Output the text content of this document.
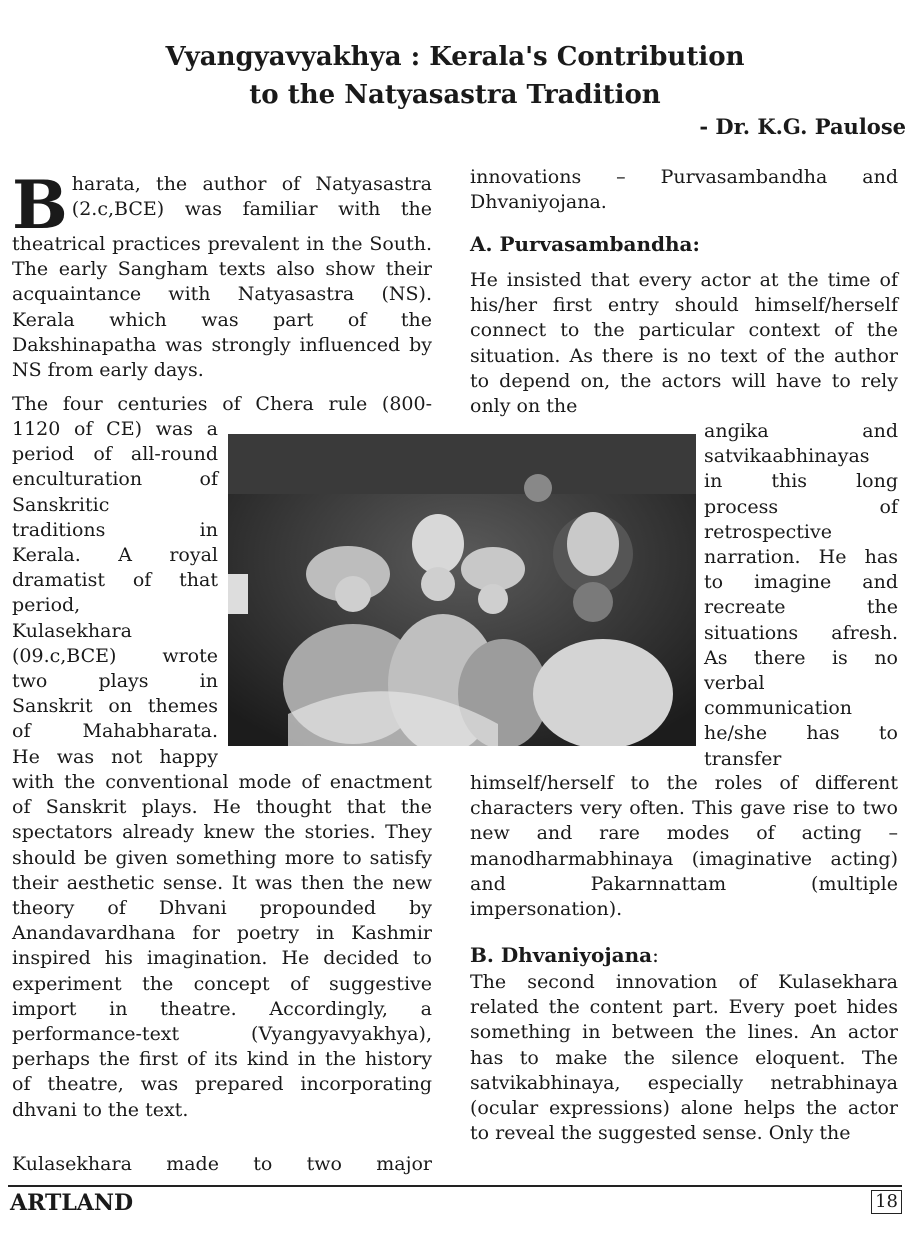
Vyangyavyakhya : Kerala's Contribution
to the Natyasastra Tradition
- Dr. K.G. Paulose
B harata, the author of Natyasastra
(2.c,BCE) was familiar with the
theatrical practices prevalent in the South. The early Sangham texts also show their acquaintance with Natyasastra (NS). Kerala which was part of the Dakshinapatha was strongly influenced by NS from early days.
The four centuries of Chera rule (800-
1120 of CE) was a
period of all-round
enculturation of
Sanskritic
traditions in
Kerala. A royal
dramatist of that
period,
Kulasekhara
(09.c,BCE) wrote
two plays in
Sanskrit on themes
of Mahabharata.
He was not happy
with the conventional mode of enactment of Sanskrit plays. He thought that the spectators already knew the stories. They should be given something more to satisfy their aesthetic sense. It was then the new theory of Dhvani propounded by Anandavardhana for poetry in Kashmir inspired his imagination. He decided to experiment the concept of suggestive import in theatre. Accordingly, a performance-text (Vyangyavyakhya), perhaps the first of its kind in the history of theatre, was prepared incorporating dhvani to the text.
Kulasekhara made to two major
innovations – Purvasambandha and Dhvaniyojana.
A. Purvasambandha:
He insisted that every actor at the time of his/her first entry should himself/herself connect to the particular context of the situation. As there is no text of the author to depend on, the actors will have to rely only on the
angika and
satvikaabhinayas
in this long
process of
retrospective
narration. He has
to imagine and
recreate the
situations afresh.
As there is no
verbal
communication
he/she has to
transfer
himself/herself to the roles of different characters very often. This gave rise to two new and rare modes of acting – manodharmabhinaya (imaginative acting) and Pakarnnattam (multiple impersonation).
B. Dhvaniyojana:
The second innovation of Kulasekhara related the content part. Every poet hides something in between the lines. An actor has to make the silence eloquent. The satvikabhinaya, especially netrabhinaya (ocular expressions) alone helps the actor to reveal the suggested sense. Only the
ARTLAND	18
